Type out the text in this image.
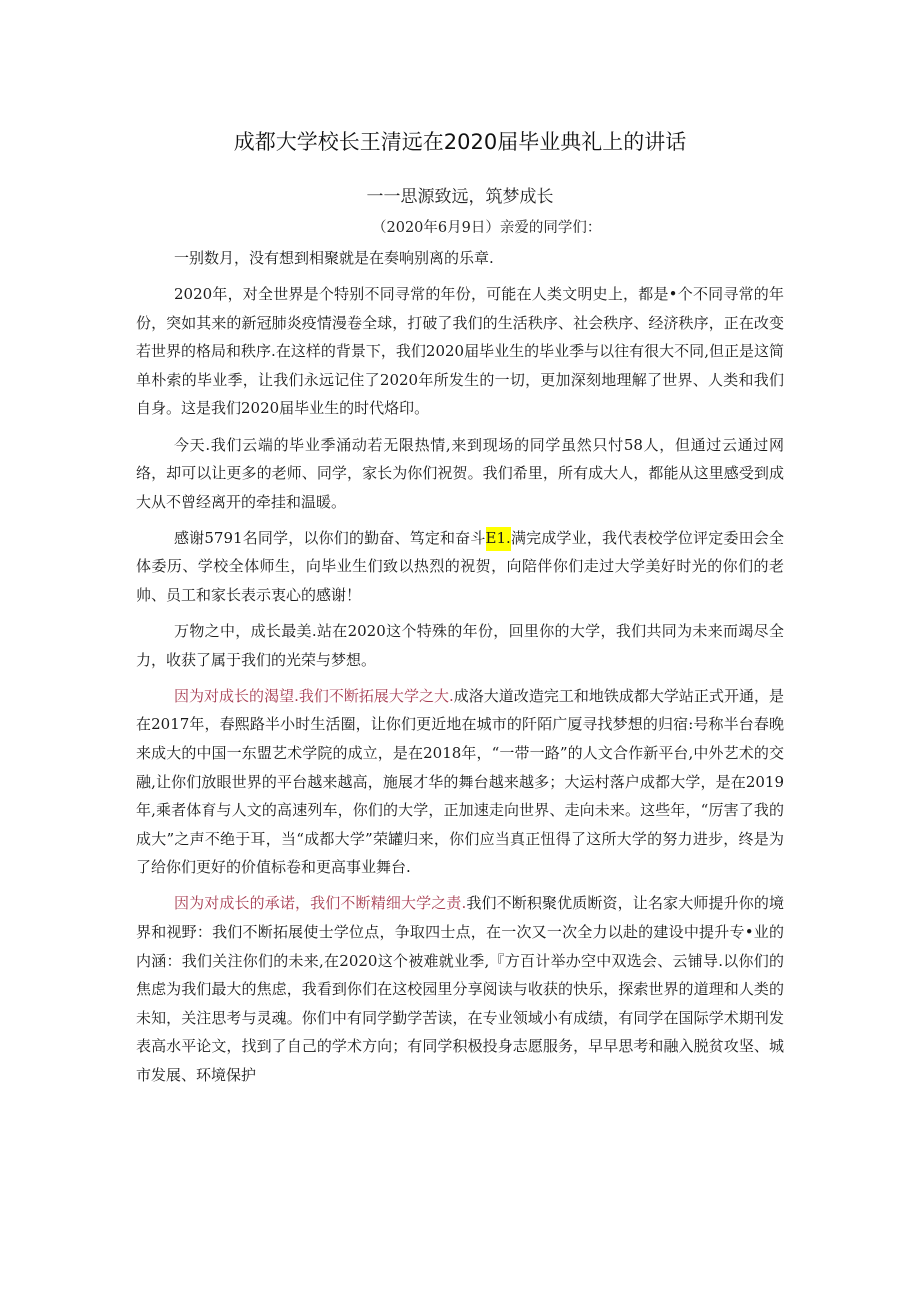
成都大学校长王清远在2020届毕业典礼上的讲话

一一思源致远，筑梦成长

（2020年6月9日）亲爱的同学们：

一别数月，没有想到相聚就是在奏响别离的乐章.

2020年，对全世界是个特别不同寻常的年份，可能在人类文明史上，都是•个不同寻常的年份，突如其来的新冠肺炎疫情漫卷全球，打破了我们的生活秩序、社会秩序、经济秩序，正在改变若世界的格局和秩序.在这样的背景下，我们2020届毕业生的毕业季与以往有很大不同,但正是这简单朴索的毕业季，让我们永远记住了2020年所发生的一切，更加深刻地理解了世界、人类和我们自身。这是我们2020届毕业生的时代烙印。

今天.我们云端的毕业季涌动若无限热情,来到现场的同学虽然只忖58人，但通过云通过网络，却可以让更多的老师、同学，家长为你们祝贺。我们希里，所有成大人，都能从这里感受到成大从不曾经离开的牵挂和温暖。

感谢5791名同学，以你们的勤奋、笃定和奋斗E1.满完成学业，我代表校学位评定委田会全体委历、学校全体师生，向毕业生们致以热烈的祝贺，向陪伴你们走过大学美好时光的你们的老帅、员工和家长表示衷心的感谢！

万物之中，成长最美.站在2020这个特殊的年份，回里你的大学，我们共同为未来而竭尽全力，收获了属于我们的光荣与梦想。

因为对成长的渴望.我们不断拓展大学之大.成洛大道改造完工和地铁成都大学站正式开通，是在2017年，春熙路半小时生活圈，让你们更近地在城市的阡陌广厦寻找梦想的归宿:号称半台春晚来成大的中国一东盟艺术学院的成立，是在2018年，“一带一路”的人文合作新平台,中外艺术的交融,让你们放眼世界的平台越来越高，施展才华的舞台越来越多；大运村落户成都大学，是在2019年,乘者体育与人文的高速列车，你们的大学，正加速走向世界、走向未来。这些年，“厉害了我的成大”之声不绝于耳，当“成都大学”荣罐归来，你们应当真正忸得了这所大学的努力进步，终是为了给你们更好的价值标卷和更高事业舞台.

因为对成长的承诺，我们不断精细大学之责.我们不断积聚优质断资，让名家大师提升你的境界和视野：我们不断拓展使士学位点，争取四士点，在一次又一次全力以赴的建设中提升专•业的内涵：我们关注你们的未来,在2020这个被难就业季,『方百计举办空中双选会、云铺导.以你们的焦虑为我们最大的焦虑，我看到你们在这校园里分享阅读与收获的快乐，探索世界的道理和人类的未知，关注思考与灵魂。你们中有同学勤学苦读，在专业领域小有成绩，有同学在国际学术期刊发表高水平论文，找到了自己的学术方向；有同学积极投身志愿服务，早早思考和融入脱贫攻坚、城市发展、环境保护
